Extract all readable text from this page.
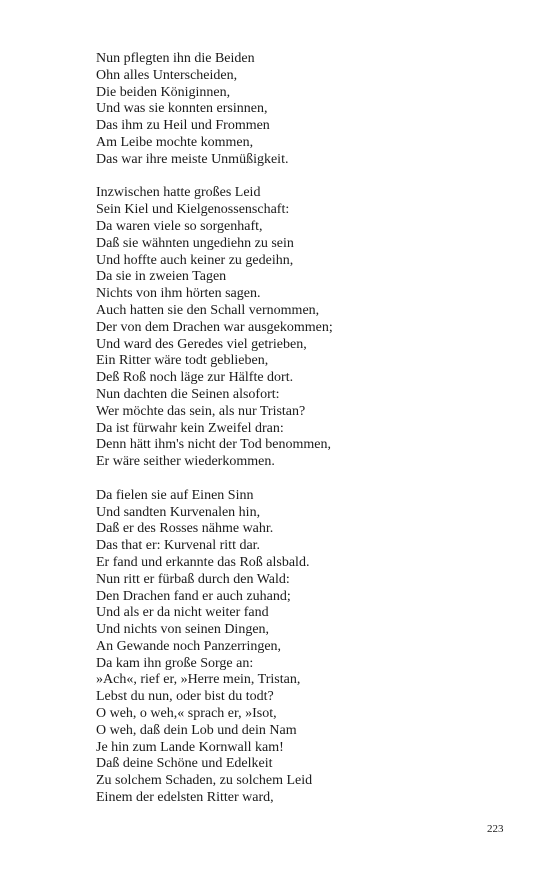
Nun pflegten ihn die Beiden
Ohn alles Unterscheiden,
Die beiden Königinnen,
Und was sie konnten ersinnen,
Das ihm zu Heil und Frommen
Am Leibe mochte kommen,
Das war ihre meiste Unmüßigkeit.
Inzwischen hatte großes Leid
Sein Kiel und Kielgenossenschaft:
Da waren viele so sorgenhaft,
Daß sie wähnten ungediehn zu sein
Und hoffte auch keiner zu gedeihn,
Da sie in zweien Tagen
Nichts von ihm hörten sagen.
Auch hatten sie den Schall vernommen,
Der von dem Drachen war ausgekommen;
Und ward des Geredes viel getrieben,
Ein Ritter wäre todt geblieben,
Deß Roß noch läge zur Hälfte dort.
Nun dachten die Seinen alsofort:
Wer möchte das sein, als nur Tristan?
Da ist fürwahr kein Zweifel dran:
Denn hätt ihm's nicht der Tod benommen,
Er wäre seither wiederkommen.
Da fielen sie auf Einen Sinn
Und sandten Kurvenalen hin,
Daß er des Rosses nähme wahr.
Das that er: Kurvenal ritt dar.
Er fand und erkannte das Roß alsbald.
Nun ritt er fürbaß durch den Wald:
Den Drachen fand er auch zuhand;
Und als er da nicht weiter fand
Und nichts von seinen Dingen,
An Gewande noch Panzerringen,
Da kam ihn große Sorge an:
»Ach«, rief er, »Herre mein, Tristan,
Lebst du nun, oder bist du todt?
O weh, o weh,« sprach er, »Isot,
O weh, daß dein Lob und dein Nam
Je hin zum Lande Kornwall kam!
Daß deine Schöne und Edelkeit
Zu solchem Schaden, zu solchem Leid
Einem der edelsten Ritter ward,
223
